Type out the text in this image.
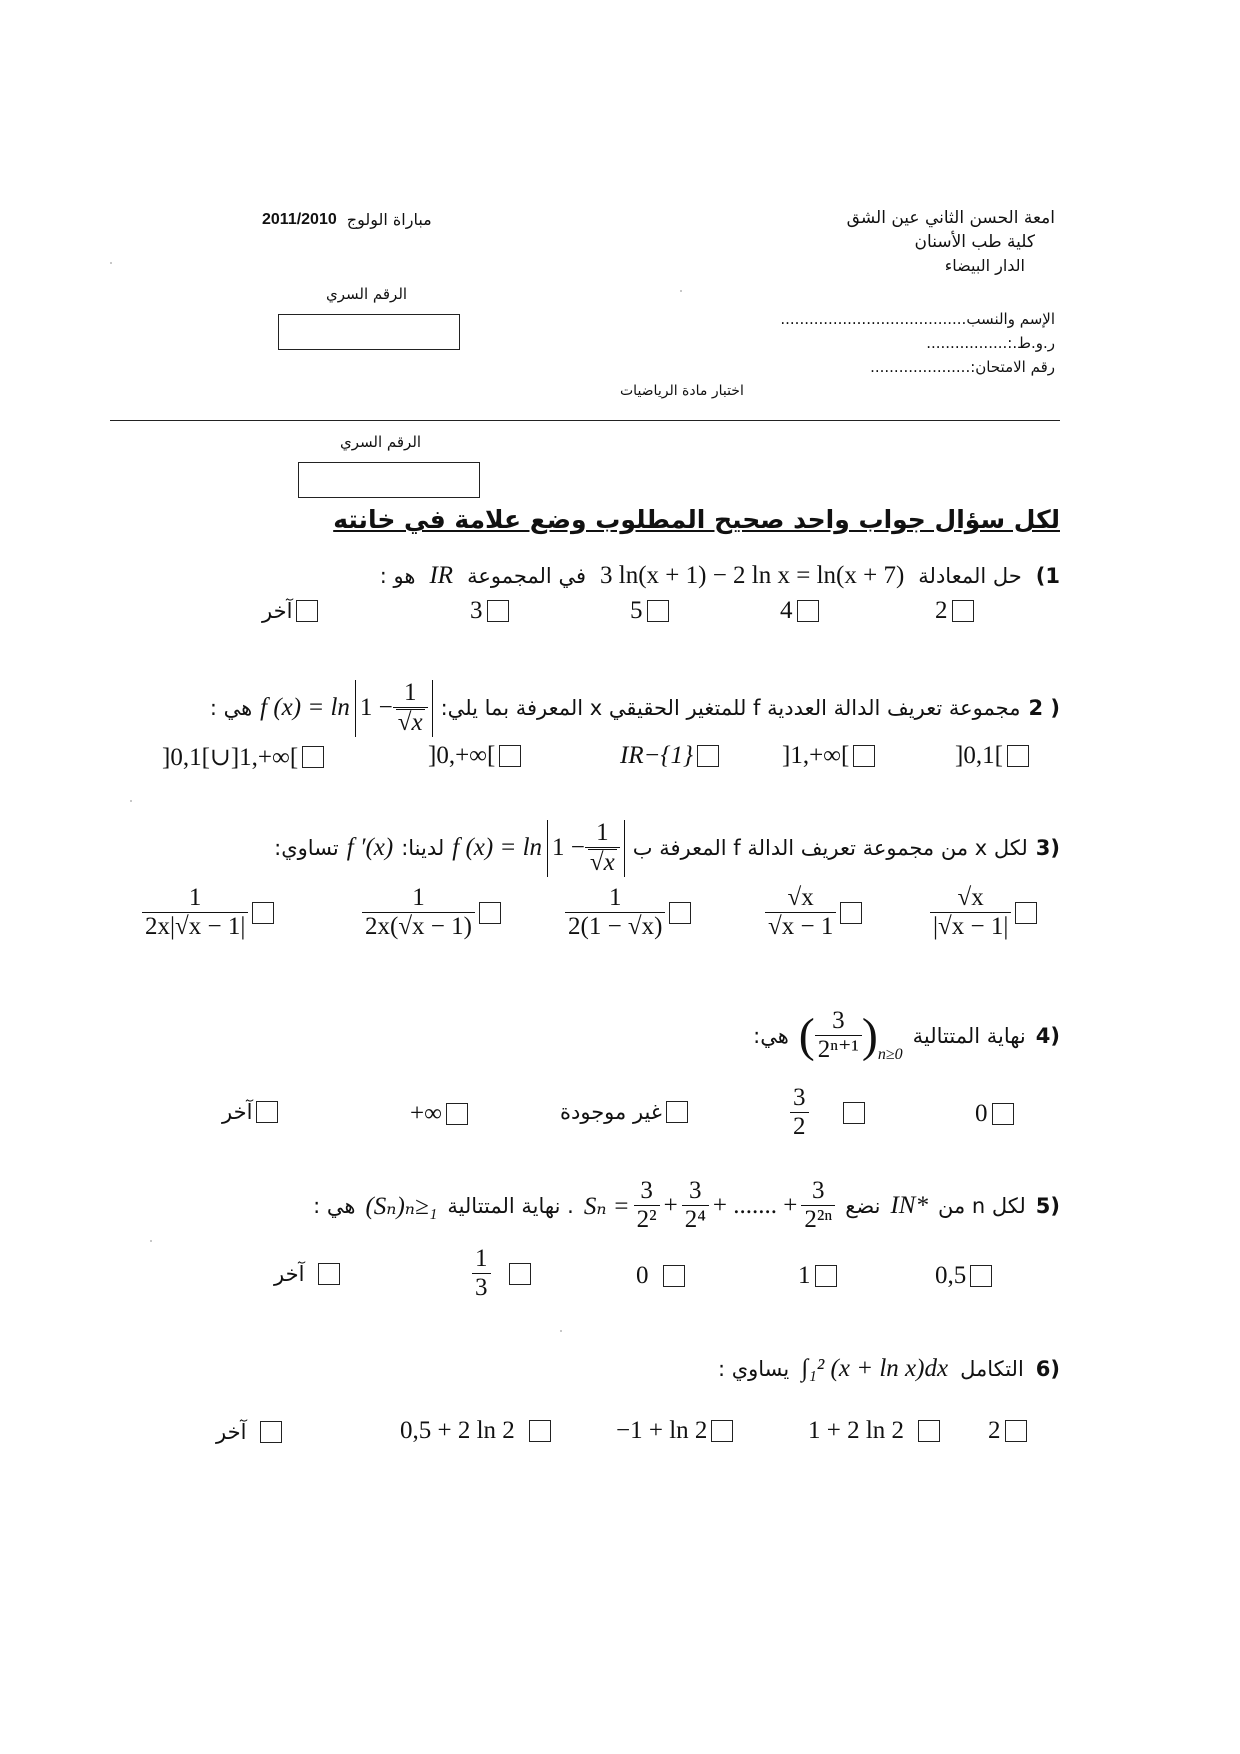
امعة الحسن الثاني عين الشق
كلية طب الأسنان
الدار البيضاء
2011/2010 مباراة الولوج
الرقم السري
الإسم والنسب.......................................
ر.و.ط.:.................
رقم الامتحان:.....................
اختبار مادة الرياضيات
الرقم السري
لكل سؤال جواب واحد صحيح المطلوب وضع علامة في خانته
(1
حل المعادلة
3 ln(x + 1) − 2 ln x = ln(x + 7)
في المجموعة
IR
هو :
2
4
5
3
آخر
2 )
مجموعة تعريف الدالة العددية f للمتغير الحقيقي x المعرفة بما يلي:
f (x) = ln 1 − 1
√ x
هي :
]0,1[
]1,+∞[
IR−{1}
]0,+∞[
]0,1[∪]1,+∞[
3)
لكل x من مجموعة تعريف الدالة f المعرفة ب
f (x) = ln 1 − 1
√ x
لدينا:
f ′(x)
تساوي:
$\frac{√x}{|√x - 1|}$
$\frac{√x}{√x - 1}$
$\frac{1}{2(1 - √x)}$
$\frac{1}{2x(√x - 1)}$
$\frac{1}{2x|√x - 1|}$
4)
نهاية المتتالية
( $\frac{3}{\text{2ⁿ⁺¹}}$ ) n≥0
هي:
0
$\frac{3}{2}$
غير موجودة
+∞
آخر
5)
لكل n من
IN*
نضع
$S_n = \frac{3}{\text{2²}} + \frac{3}{\text{2⁴}}$ + ....... + $\frac{3}{\text{2²ⁿ}}$
. نهاية المتتالية
(Sₙ)ₙ≥₁
هي :
0,5
1
0
$\frac{1}{3}$
آخر
6)
التكامل
∫₁² (x + ln x)dx
يساوي :
2
1 + 2 ln 2
−1 + ln 2
0,5 + 2 ln 2
آخر
